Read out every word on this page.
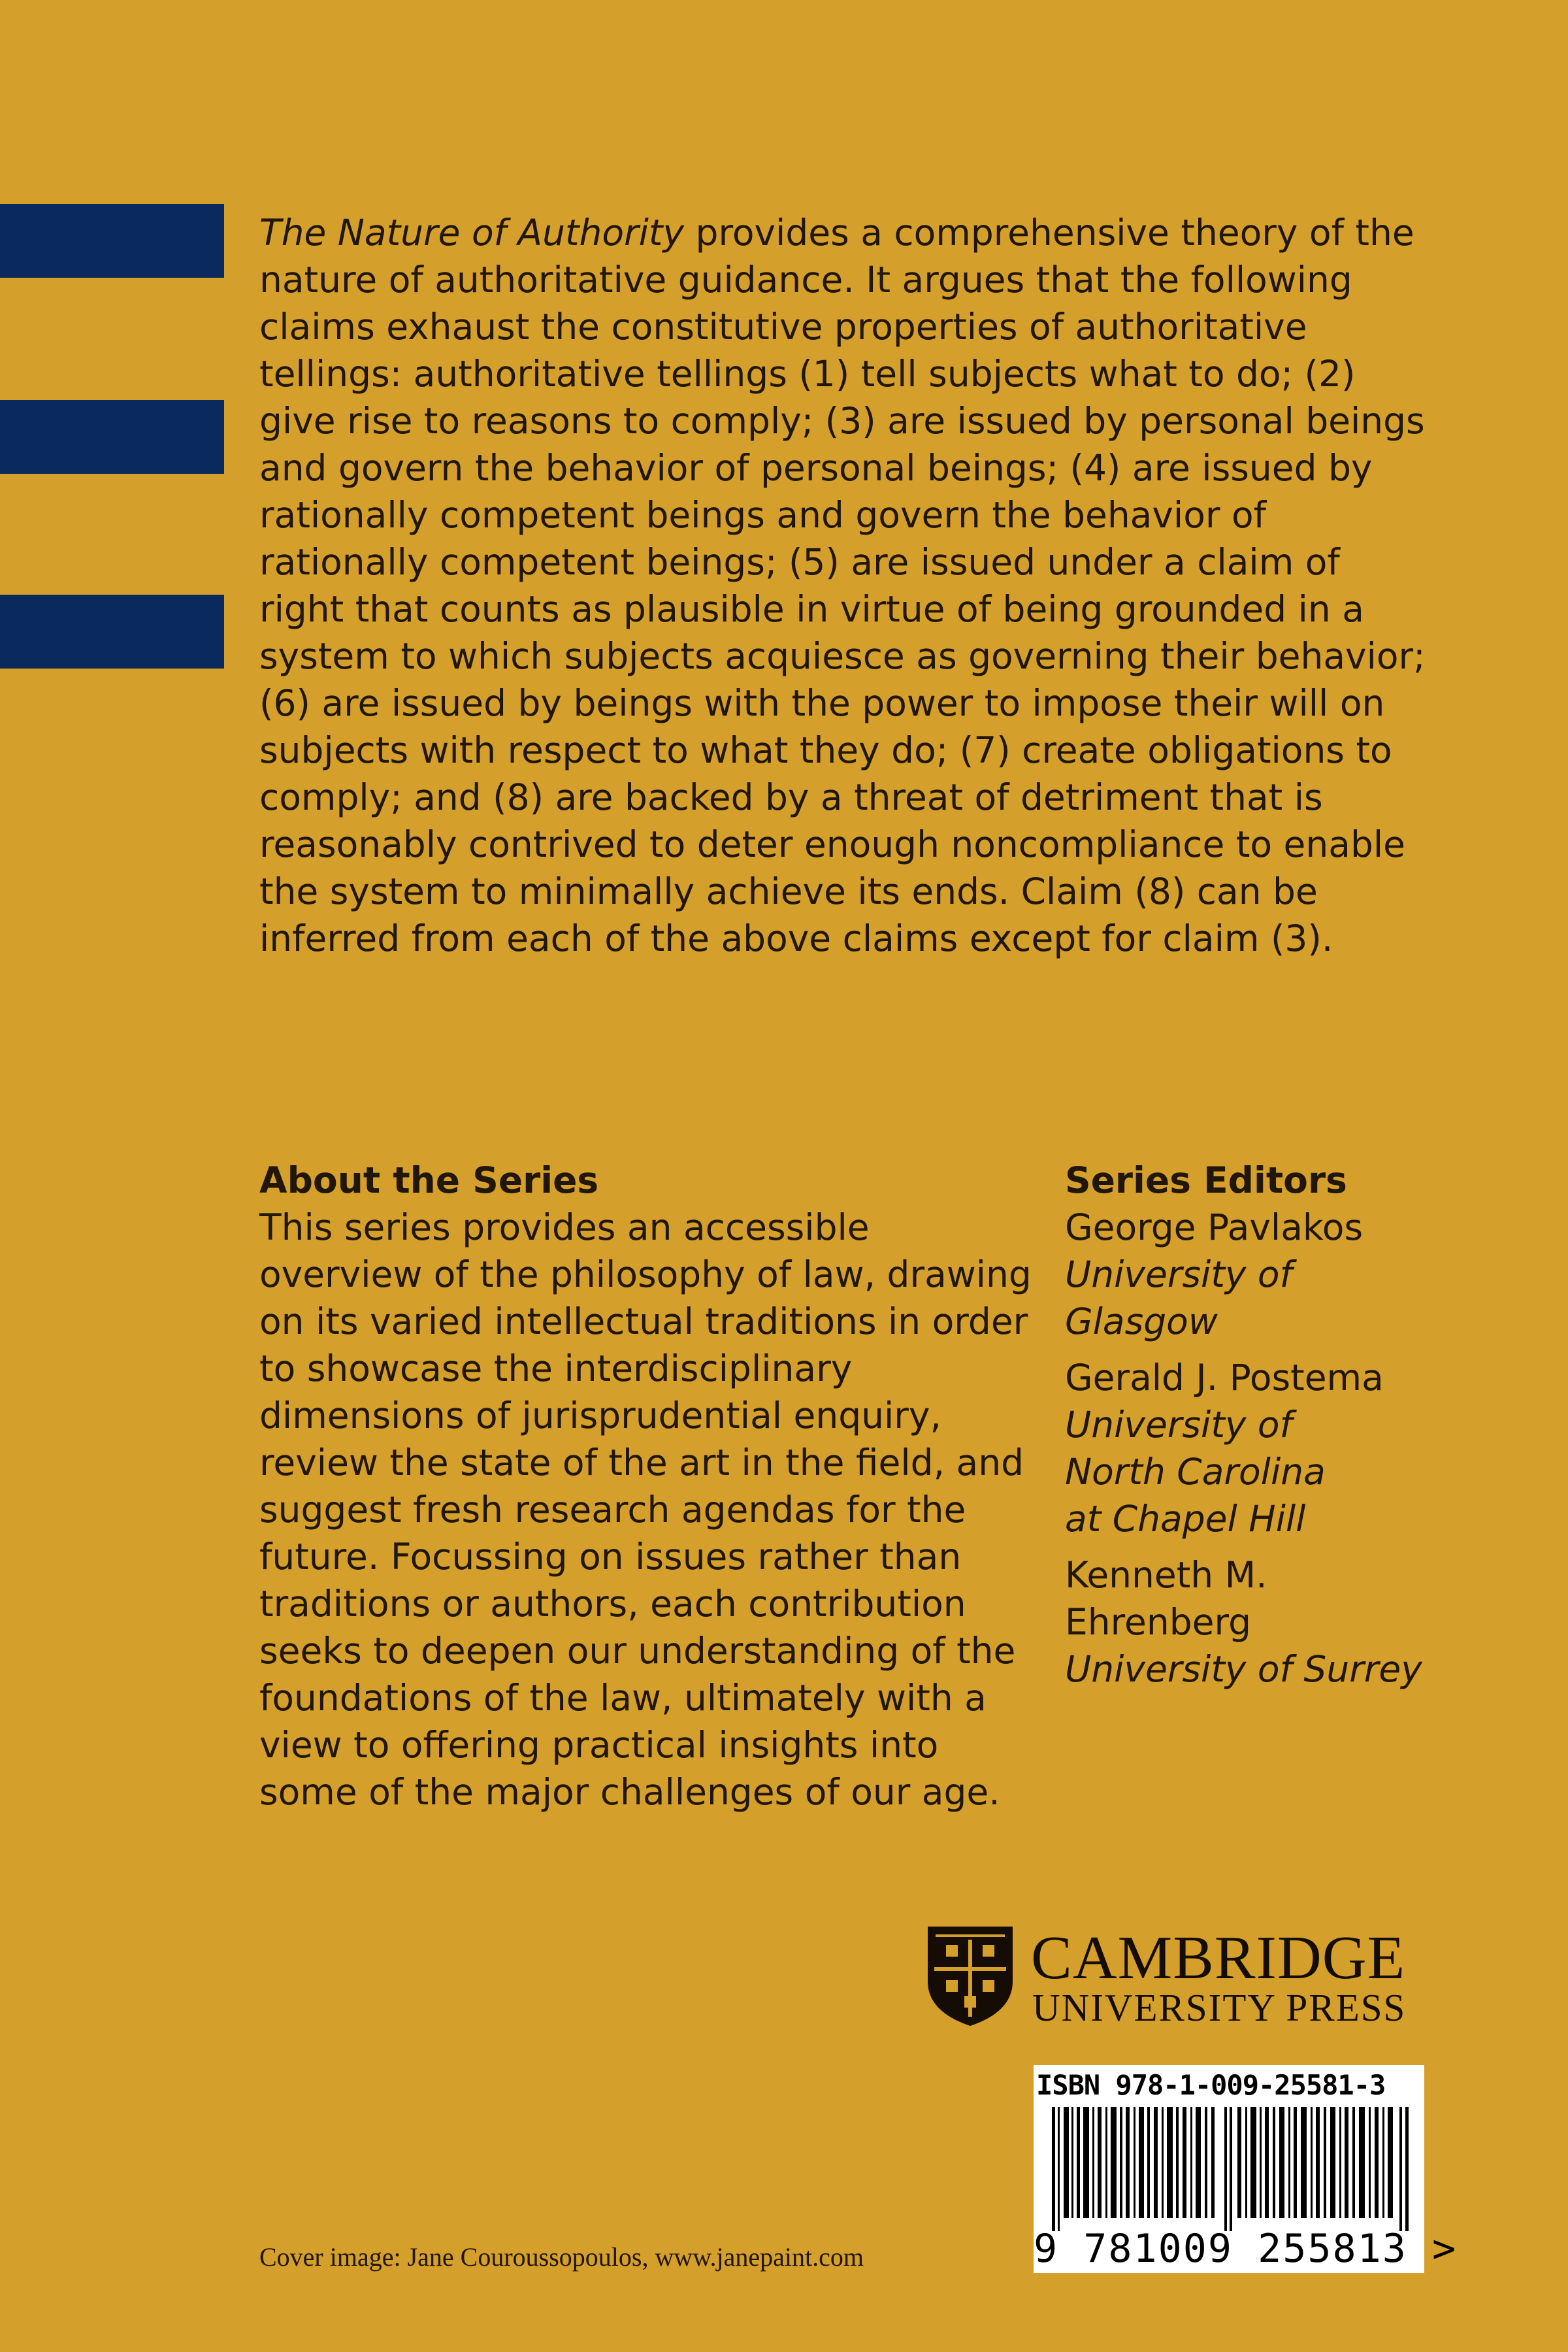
The Nature of Authority provides a comprehensive theory of the nature of authoritative guidance. It argues that the following claims exhaust the constitutive properties of authoritative tellings: authoritative tellings (1) tell subjects what to do; (2) give rise to reasons to comply; (3) are issued by personal beings and govern the behavior of personal beings; (4) are issued by rationally competent beings and govern the behavior of rationally competent beings; (5) are issued under a claim of right that counts as plausible in virtue of being grounded in a system to which subjects acquiesce as governing their behavior; (6) are issued by beings with the power to impose their will on subjects with respect to what they do; (7) create obligations to comply; and (8) are backed by a threat of detriment that is reasonably contrived to deter enough noncompliance to enable the system to minimally achieve its ends. Claim (8) can be inferred from each of the above claims except for claim (3).
About the Series
This series provides an accessible overview of the philosophy of law, drawing on its varied intellectual traditions in order to showcase the interdisciplinary dimensions of jurisprudential enquiry, review the state of the art in the field, and suggest fresh research agendas for the future. Focussing on issues rather than traditions or authors, each contribution seeks to deepen our understanding of the foundations of the law, ultimately with a view to offering practical insights into some of the major challenges of our age.
Series Editors
George Pavlakos
University of
Glasgow
Gerald J. Postema
University of
North Carolina
at Chapel Hill
Kenneth M.
Ehrenberg
University of Surrey
CAMBRIDGE
UNIVERSITY PRESS
ISBN 978-1-009-25581-3
9 781009 255813 >
Cover image: Jane Couroussopoulos, www.janepaint.com
